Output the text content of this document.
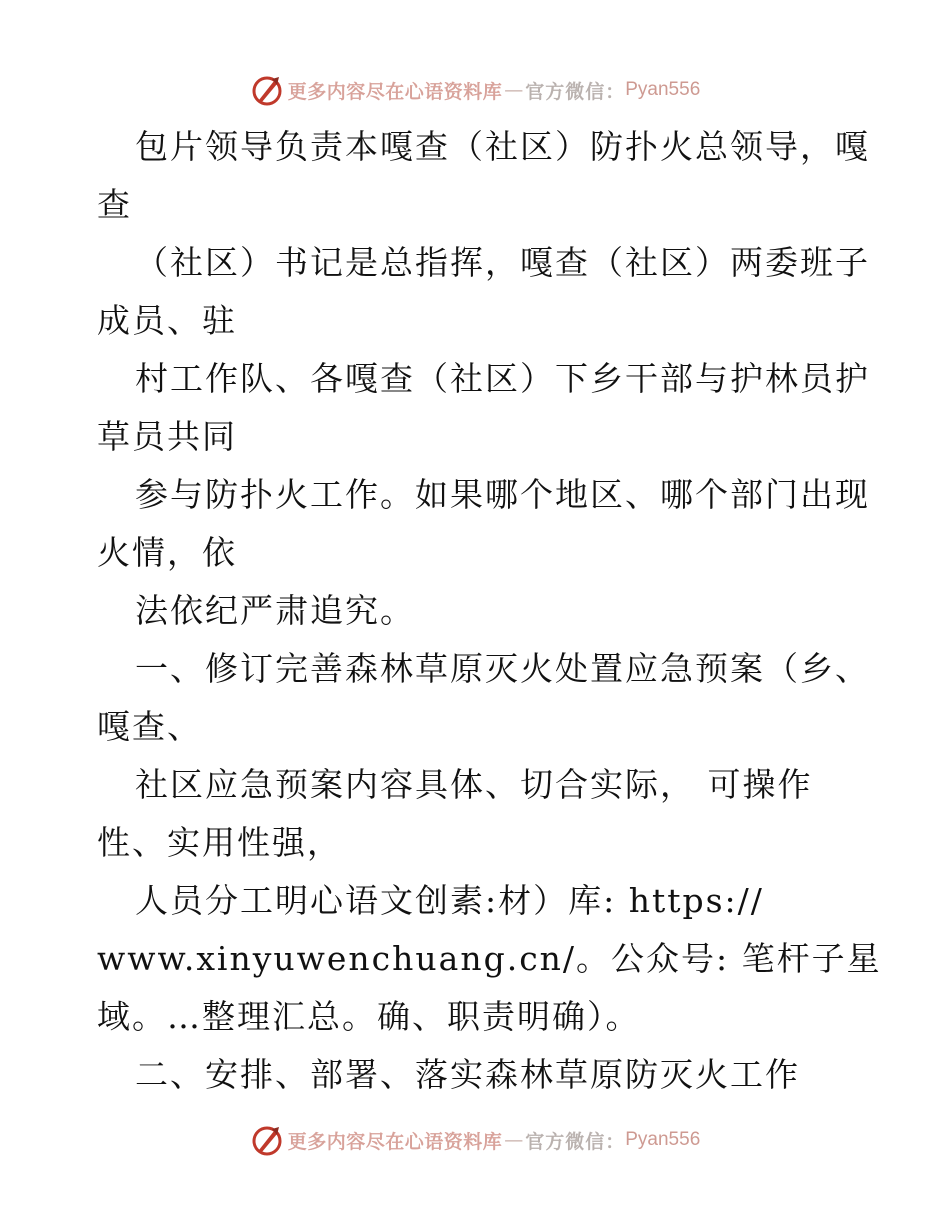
更多内容尽在心语资料库 — 官方微信： Pyan556
包片领导负责本嘎查（社区）防扑火总领导，嘎
查
（社区）书记是总指挥，嘎查（社区）两委班子
成员、驻
村工作队、各嘎查（社区）下乡干部与护林员护
草员共同
参与防扑火工作。如果哪个地区、哪个部门出现
火情，依
法依纪严肃追究。
一、修订完善森林草原灭火处置应急预案（乡、
嘎查、
社区应急预案内容具体、切合实际， 可操作
性、实用性强，
人员分工明心语文创素:材）库: https://
www.xinyuwenchuang.cn/。公众号: 笔杆子星
域。…整理汇总。确、职责明确）。
二、安排、部署、落实森林草原防灭火工作
更多内容尽在心语资料库 — 官方微信： Pyan556
